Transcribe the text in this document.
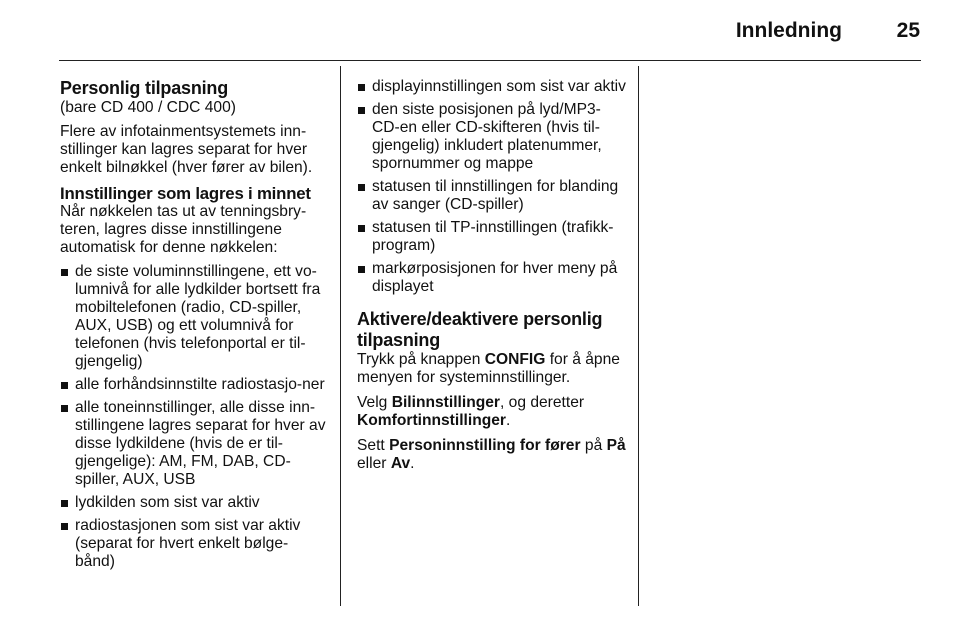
Innledning	25
Personlig tilpasning

(bare CD 400 / CDC 400)

Flere av infotainmentsystemets inn-stillinger kan lagres separat for hver enkelt bilnøkkel (hver fører av bilen).

Innstillinger som lagres i minnet

Når nøkkelen tas ut av tenningsbry-teren, lagres disse innstillingene automatisk for denne nøkkelen:

de siste voluminnstillingene, ett vo-lumnivå for alle lydkilder bortsett fra mobiltelefonen (radio, CD-spiller, AUX, USB) og ett volumnivå for telefonen (hvis telefonportal er til-gjengelig)
alle forhåndsinnstilte radiostasjo-ner
alle toneinnstillinger, alle disse inn-stillingene lagres separat for hver av disse lydkildene (hvis de er til-gjengelige): AM, FM, DAB, CD-spiller, AUX, USB
lydkilden som sist var aktiv
radiostasjonen som sist var aktiv (separat for hvert enkelt bølge-bånd)
displayinnstillingen som sist var aktiv
den siste posisjonen på lyd/MP3-CD-en eller CD-skifteren (hvis til-gjengelig) inkludert platenummer, spornummer og mappe
statusen til innstillingen for blanding av sanger (CD-spiller)
statusen til TP-innstillingen (trafikk-program)
markørposisjonen for hver meny på displayet
Aktivere/deaktivere personlig tilpasning

Trykk på knappen CONFIG for å åpne menyen for systeminnstillinger.

Velg Bilinnstillinger, og deretter Komfortinnstillinger.

Sett Personinnstilling for fører på På eller Av.
